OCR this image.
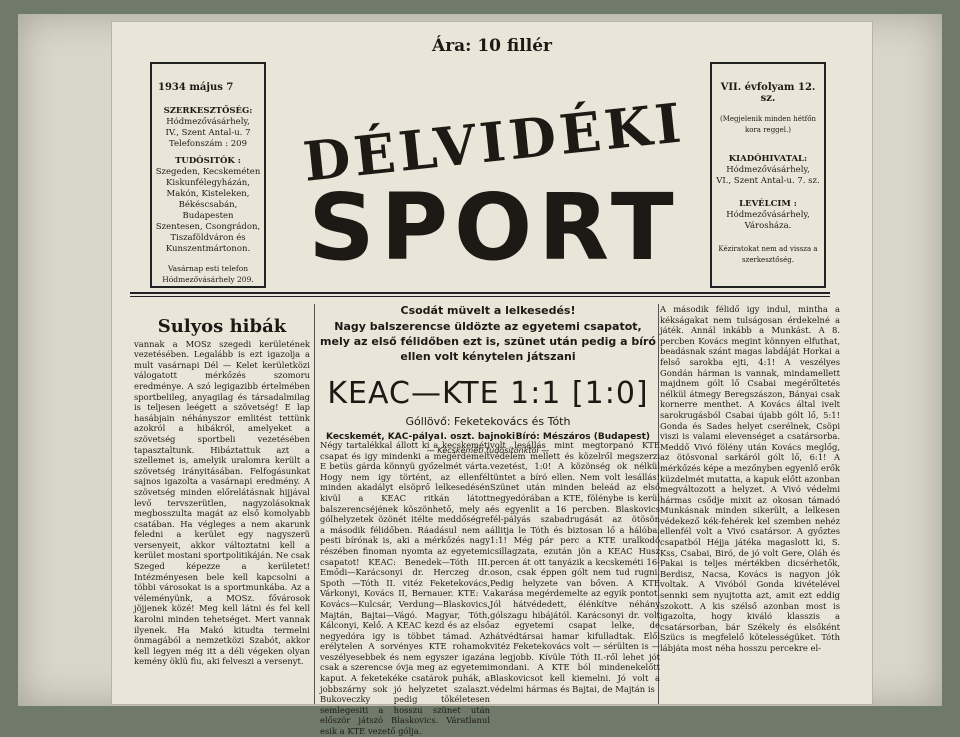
Ára: 10 fillér
1934 május 7
SZERKESZTŐSÉG:
Hódmezővásárhely,
IV., Szent Antal-u. 7
Telefonszám : 209
TUDÓSITÓK :
Szegeden, Kecskeméten
Kiskunfélegyházán,
Makón, Kisteleken,
Békéscsabán, Budapesten
Szentesen, Csongrádon,
Tiszaföldváron és
Kunszentmártonon.
Vasárnap esti telefon
Hódmezővásárhely 209.
DÉLVIDÉKI
SPORT
VII. évfolyam 12. sz.
(Megjelenik minden hétfőn kora reggel.)
KIADÓHIVATAL:
Hódmezővásárhely,
VI., Szent Antal-u. 7. sz.
LEVÉLCIM :
Hódmezővásárhely,
Városháza.
Kéziratokat nem ad vissza a szerkesztőség.
Sulyos hibák
vannak a MOSz szegedi kerületének vezetésében. Legalább is ezt igazolja a mult vasárnapi Dél — Kelet kerületközi válogatott mérkőzés szomoru eredménye. A szó legigazibb értelmében sportbelileg, anyagilag és társadalmilag is teljesen leégett a szövetség! E lap hasábjain néhányszor emlitést tettünk azokról a hibákról, amelyeket a szövetség sportbeli vezetésében tapasztaltunk. Hibáztattuk azt a szellemet is, amelyik uralomra került a szövetség irányitásában. Felfogásunkat sajnos igazolta a vasárnapi eredmény. A szövetség minden előrelátásnak hijjával levő tervszerütlen, nagyzolásoknak megbosszulta magát az első komolyabb csatában. Ha végleges a nem akarunk feledni a kerület egy nagyszerü versenyeit, akkor változtatni kell a kerület mostani sportpolitikáján. Ne csak Szeged képezze a kerületet! Intézményesen bele kell kapcsolni a többi városokat is a sportmunkába. Az a véleményünk, a MOSz. fővárosok jöjjenek közé! Meg kell látni és fel kell karolni minden tehetséget. Mert vannak ilyenek. Ha Makó kitudta termelni önmagából a nemzetközi Szabót, akkor kell legyen még itt a déli végeken olyan kemény öklü fiu, aki felveszi a versenyt.
Csodát müvelt a lelkesedés!
Nagy balszerencse üldözte az egyetemi csapatot, mely az első félidőben ezt is, szünet után pedig a bíró ellen volt kénytelen játszani
KEAC—KTE 1:1 [1:0]
Góllövő: Feketekovács és Tóth
Kecskemét, KAC-pálya I. oszt. bajnoki Bíró: Mészáros (Budapest)
— Kecskeméti tudósítónktól —
Négy tartalékkal állott ki a kecskeméti csapat és igy mindenki a megérdemelt E betüs gárda könnyü győzelmét várta. Hogy nem igy történt, az ellenfél minden akadályt elsöprő lelkesedésén kivül a KEAC ritkán látott balszerencséjének köszönhető, mely a gólhelyzetek özönét itélte meddőségre a második félidőben. Ráadásul nem a pesti bírónak is, aki a mérkőzés nagy részében finoman nyomta az egyetemi csapatot! KEAC: Benedek—Tóth III. Emődi—Karácsonyi dr. Herczeg dr. Spoth —Tóth II. vitéz Feketekovács, Várkonyi, Kovács II, Bernauer. KTE: V. Kovács—Kulcsár, Verdung—Blaskovics, Majtán, Bajtai—Vágó. Magyar, Tóth, Kálconyi, Kelő. A KEAC kezd és az első negyedóra igy is többet támad. Az erélytelen A sorvényes KTE rohamok veszélyesebbek és nem egyszer igazán csak a szerencse óvja meg az egyetemi kaput. A feketekéke csatárok puhák, a jobbszárny sok jó helyzetet szalaszt. Bukoveczky pedig tökéletesen semlegesiti a hosszu szünet után először játszó Blaskovics. Váratlanul esik a KTE vezető gólja.
volt lesállás mint megtorpanó KTE védelem mellett és közelről megszerzi vezetést, 1:0! A közönség ok nélkül tüntet a bíró ellen. Nem volt lesállás! Szünet után minden beleád az első negyedórában a KTE, fölénybe is kerül és egyenlit a 16 percben. Blaskovics fél-pályás szabadrugását az ötösön állitja le Tóth és biztosan lő a hálóba, 1:1! Még pár perc a KTE uralkodó csillagzata, ezután jön a KEAC Husz percen át ott tanyázik a kecskeméti 16-oson, csak éppen gólt nem tud rugni. Pedig helyzete van bőven. A KTE akarása megérdemelte az egyik pontot. Jól hátvédedett, élénkítve néhány gólszagu hibájától. Karácsonyi dr. volt az egyetemi csapat lelke, de hátvédtársai hamar kifulladtak. Elől vitéz Feketekovács volt — sérülten is — a legjobb. Kívüle Tóth II.-ről lehet jót mondani. A KTE ból mindenekelőtt Blaskovicsot kell kiemelni. Jó volt a védelmi hármas és Bajtai, de Majtán is
A második félidő igy indul, mintha a kékságakat nem tulságosan érdekelné a játék. Annál inkább a Munkást. A 8. percben Kovács megint könnyen elfuthat, beadásnak szánt magas labdáját Horkai a felső sarokba ejti, 4:1! A veszélyes Gondán hárman is vannak, mindamellett majdnem gólt lő Csabai megérőltetés nélkül átmegy Beregszászon, Bányai csak kornerre menthet. A Kovács által ivelt sarokrugásból Csabai újabb gólt lő, 5:1! Gonda és Sades helyet cserélnek, Csöpi viszi is valami elevenséget a csatársorba. Meddő Vivó fölény után Kovács meglőg, az ötösvonal sarkáról gólt lő, 6:1! A mérkőzés képe a mezőnyben egyenlő erők küzdelmét mutatta, a kapuk előtt azonban megváltozott a helyzet. A Vivó védelmi hármas csődje mixit az okosan támadó Munkásnak minden sikerült, a lelkesen védekező kék-fehérek kel szemben nehéz ellenfél volt a Vivó csatársor. A győztes csapatból Héjja játéka magaslott ki, S. Kss, Csabai, Biró, de jó volt Gere, Oláh és Pakai is teljes mértékben dicsérhetők, Berdisz, Nacsa, Kovács is nagyon jók voltak. A Vivóból Gonda kivételével sennki sem nyujtotta azt, amit ezt eddig szokott. A kis szélső azonban most is igazolta, hogy kiváló klasszis a csatársorban, bár Székely és elsőként Szücs is megfelelő kötelességüket. Tóth lábjáta most néha hosszu percekre el-
